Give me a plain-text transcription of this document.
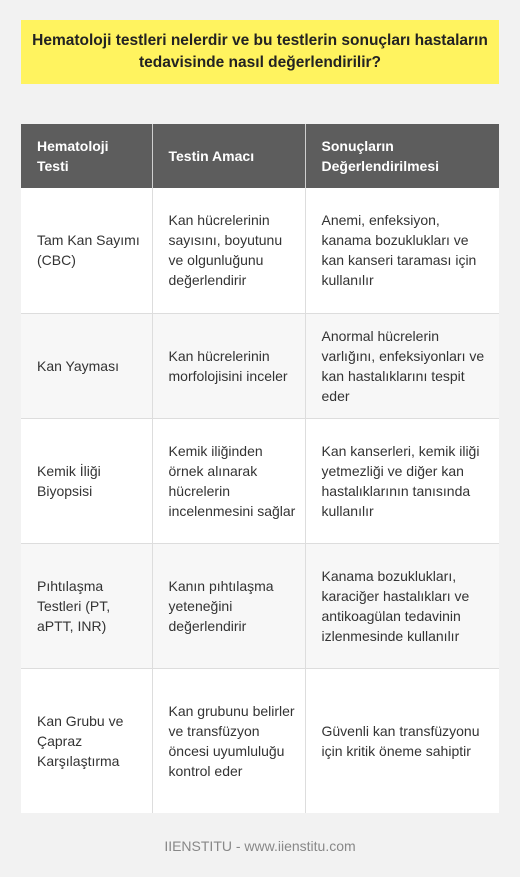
Hematoloji testleri nelerdir ve bu testlerin sonuçları hastaların tedavisinde nasıl değerlendirilir?
Hematoloji Testi	Testin Amacı	Sonuçların Değerlendirilmesi
Tam Kan Sayımı (CBC)	Kan hücrelerinin sayısını, boyutunu ve olgunluğunu değerlendirir	Anemi, enfeksiyon, kanama bozuklukları ve kan kanseri taraması için kullanılır
Kan Yayması	Kan hücrelerinin morfolojisini inceler	Anormal hücrelerin varlığını, enfeksiyonları ve kan hastalıklarını tespit eder
Kemik İliği Biyopsisi	Kemik iliğinden örnek alınarak hücrelerin incelenmesini sağlar	Kan kanserleri, kemik iliği yetmezliği ve diğer kan hastalıklarının tanısında kullanılır
Pıhtılaşma Testleri (PT, aPTT, INR)	Kanın pıhtılaşma yeteneğini değerlendirir	Kanama bozuklukları, karaciğer hastalıkları ve antikoagülan tedavinin izlenmesinde kullanılır
Kan Grubu ve Çapraz Karşılaştırma	Kan grubunu belirler ve transfüzyon öncesi uyumluluğu kontrol eder	Güvenli kan transfüzyonu için kritik öneme sahiptir
IIENSTITU - www.iienstitu.com
